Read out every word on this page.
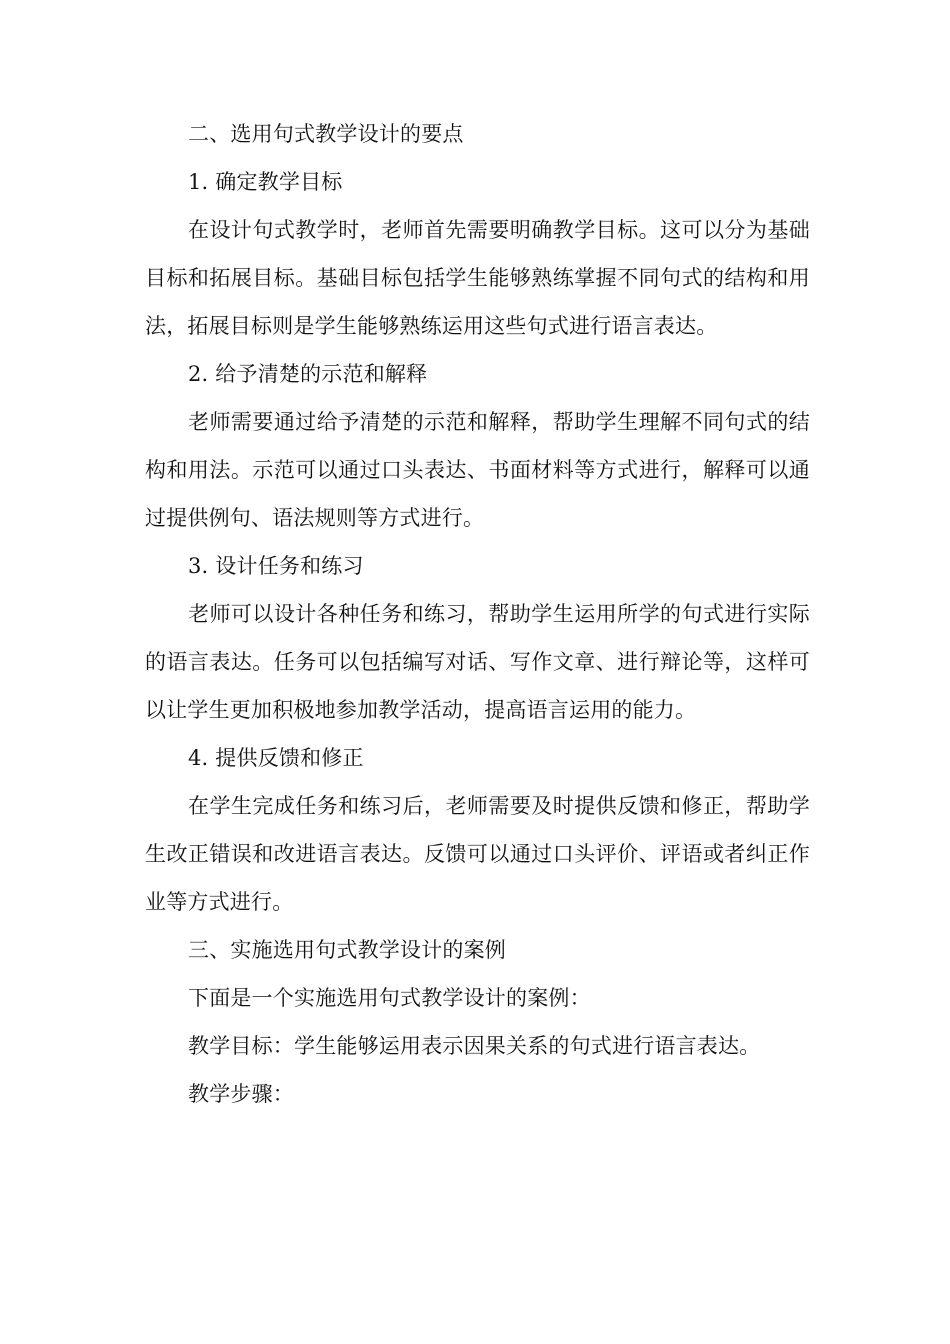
二、选用句式教学设计的要点

1. 确定教学目标

在设计句式教学时，老师首先需要明确教学目标。这可以分为基础目标和拓展目标。基础目标包括学生能够熟练掌握不同句式的结构和用法，拓展目标则是学生能够熟练运用这些句式进行语言表达。

2. 给予清楚的示范和解释

老师需要通过给予清楚的示范和解释，帮助学生理解不同句式的结构和用法。示范可以通过口头表达、书面材料等方式进行，解释可以通过提供例句、语法规则等方式进行。

3. 设计任务和练习

老师可以设计各种任务和练习，帮助学生运用所学的句式进行实际的语言表达。任务可以包括编写对话、写作文章、进行辩论等，这样可以让学生更加积极地参加教学活动，提高语言运用的能力。

4. 提供反馈和修正

在学生完成任务和练习后，老师需要及时提供反馈和修正，帮助学生改正错误和改进语言表达。反馈可以通过口头评价、评语或者纠正作业等方式进行。

三、实施选用句式教学设计的案例

下面是一个实施选用句式教学设计的案例：

教学目标：学生能够运用表示因果关系的句式进行语言表达。

教学步骤：
